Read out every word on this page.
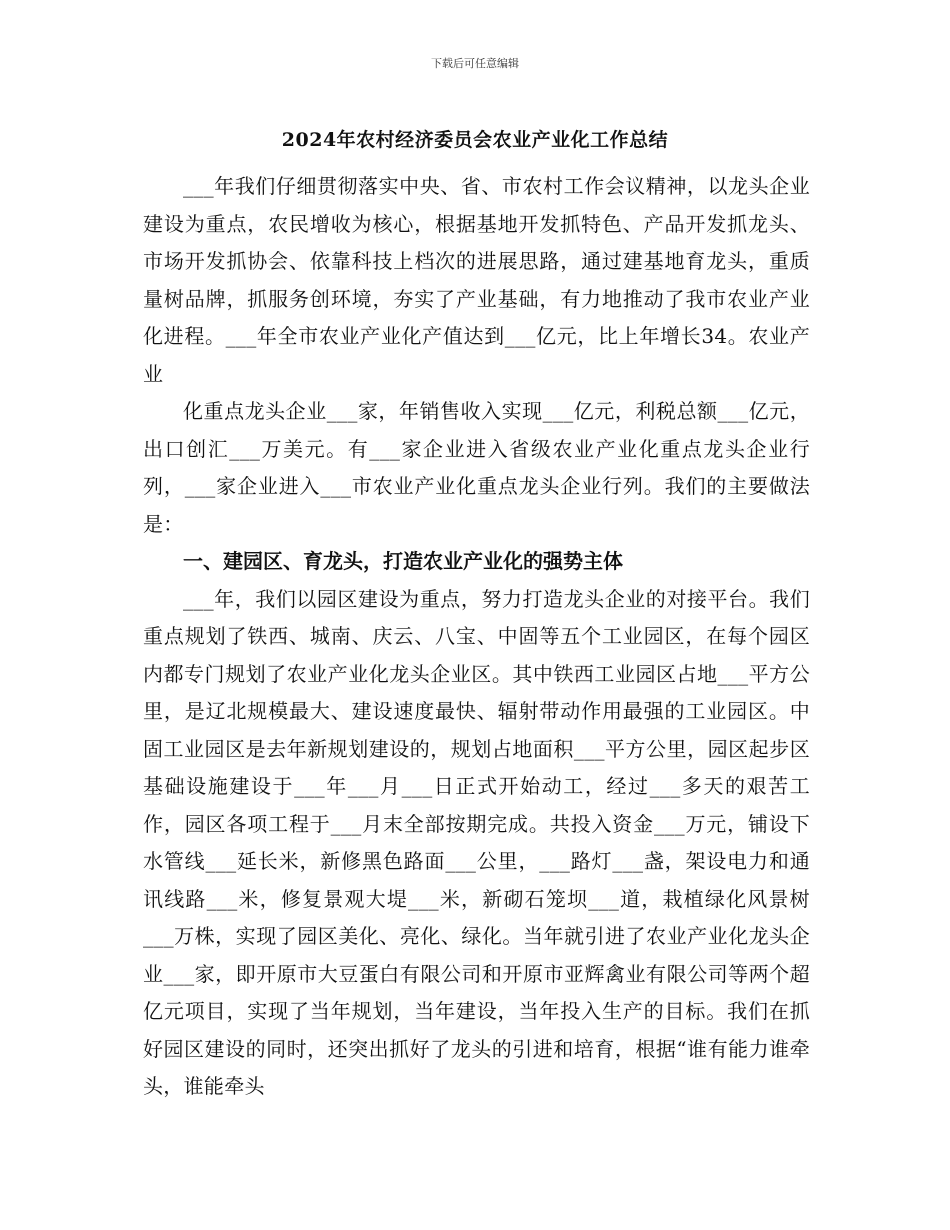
下载后可任意编辑
2024年农村经济委员会农业产业化工作总结

___年我们仔细贯彻落实中央、省、市农村工作会议精神，以龙头企业建设为重点，农民增收为核心，根据基地开发抓特色、产品开发抓龙头、市场开发抓协会、依靠科技上档次的进展思路，通过建基地育龙头，重质量树品牌，抓服务创环境，夯实了产业基础，有力地推动了我市农业产业化进程。___年全市农业产业化产值达到___亿元，比上年增长34。农业产业

化重点龙头企业___家，年销售收入实现___亿元，利税总额___亿元，出口创汇___万美元。有___家企业进入省级农业产业化重点龙头企业行列，___家企业进入___市农业产业化重点龙头企业行列。我们的主要做法是：

一、建园区、育龙头，打造农业产业化的强势主体

___年，我们以园区建设为重点，努力打造龙头企业的对接平台。我们重点规划了铁西、城南、庆云、八宝、中固等五个工业园区，在每个园区内都专门规划了农业产业化龙头企业区。其中铁西工业园区占地___平方公里，是辽北规模最大、建设速度最快、辐射带动作用最强的工业园区。中固工业园区是去年新规划建设的，规划占地面积___平方公里，园区起步区基础设施建设于___年___月___日正式开始动工，经过___多天的艰苦工作，园区各项工程于___月末全部按期完成。共投入资金___万元，铺设下水管线___延长米，新修黑色路面___公里，___路灯___盏，架设电力和通讯线路___米，修复景观大堤___米，新砌石笼坝___道，栽植绿化风景树___万株，实现了园区美化、亮化、绿化。当年就引进了农业产业化龙头企业___家，即开原市大豆蛋白有限公司和开原市亚辉禽业有限公司等两个超亿元项目，实现了当年规划，当年建设，当年投入生产的目标。我们在抓好园区建设的同时，还突出抓好了龙头的引进和培育，根据“谁有能力谁牵头，谁能牵头
